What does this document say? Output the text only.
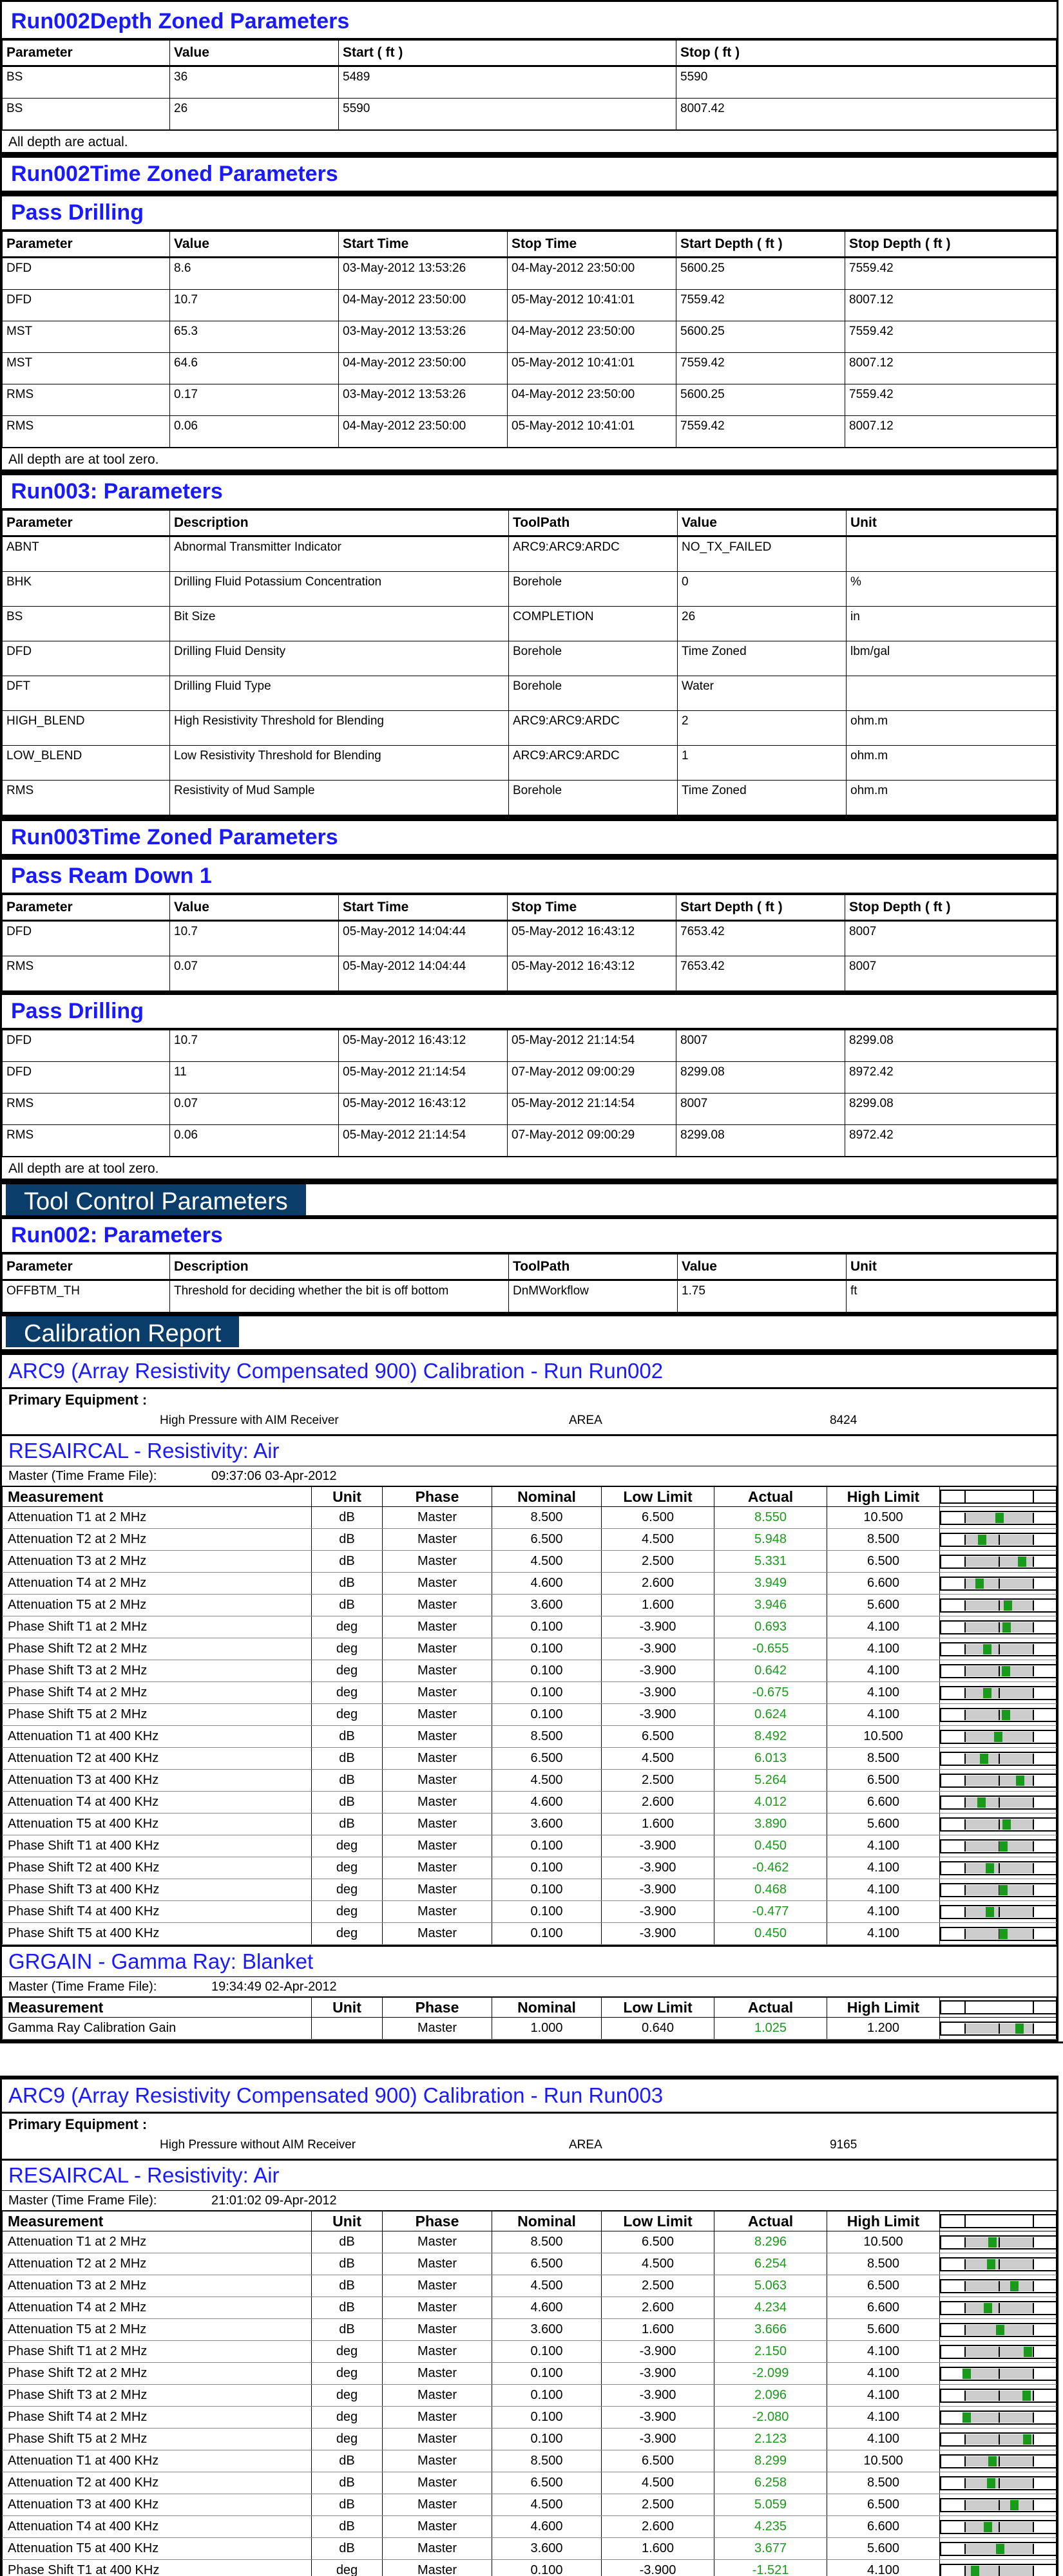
Run002Depth Zoned Parameters
Parameter	Value	Start ( ft )	Stop ( ft )
BS	36	5489	5590
BS	26	5590	8007.42
All depth are actual.
Run002Time Zoned Parameters
Pass Drilling
Parameter	Value	Start Time	Stop Time	Start Depth ( ft )	Stop Depth ( ft )
DFD	8.6	03-May-2012 13:53:26	04-May-2012 23:50:00	5600.25	7559.42
DFD	10.7	04-May-2012 23:50:00	05-May-2012 10:41:01	7559.42	8007.12
MST	65.3	03-May-2012 13:53:26	04-May-2012 23:50:00	5600.25	7559.42
MST	64.6	04-May-2012 23:50:00	05-May-2012 10:41:01	7559.42	8007.12
RMS	0.17	03-May-2012 13:53:26	04-May-2012 23:50:00	5600.25	7559.42
RMS	0.06	04-May-2012 23:50:00	05-May-2012 10:41:01	7559.42	8007.12
All depth are at tool zero.
Run003: Parameters
Parameter	Description	ToolPath	Value	Unit
ABNT	Abnormal Transmitter Indicator	ARC9:ARC9:ARDC	NO_TX_FAILED	
BHK	Drilling Fluid Potassium Concentration	Borehole	0	%
BS	Bit Size	COMPLETION	26	in
DFD	Drilling Fluid Density	Borehole	Time Zoned	lbm/gal
DFT	Drilling Fluid Type	Borehole	Water	
HIGH_BLEND	High Resistivity Threshold for Blending	ARC9:ARC9:ARDC	2	ohm.m
LOW_BLEND	Low Resistivity Threshold for Blending	ARC9:ARC9:ARDC	1	ohm.m
RMS	Resistivity of Mud Sample	Borehole	Time Zoned	ohm.m
Run003Time Zoned Parameters
Pass Ream Down 1
Parameter	Value	Start Time	Stop Time	Start Depth ( ft )	Stop Depth ( ft )
DFD	10.7	05-May-2012 14:04:44	05-May-2012 16:43:12	7653.42	8007
RMS	0.07	05-May-2012 14:04:44	05-May-2012 16:43:12	7653.42	8007
Pass Drilling
DFD	10.7	05-May-2012 16:43:12	05-May-2012 21:14:54	8007	8299.08
DFD	11	05-May-2012 21:14:54	07-May-2012 09:00:29	8299.08	8972.42
RMS	0.07	05-May-2012 16:43:12	05-May-2012 21:14:54	8007	8299.08
RMS	0.06	05-May-2012 21:14:54	07-May-2012 09:00:29	8299.08	8972.42
All depth are at tool zero.
Tool Control Parameters
Run002: Parameters
Parameter	Description	ToolPath	Value	Unit
OFFBTM_TH	Threshold for deciding whether the bit is off bottom	DnMWorkflow	1.75	ft
Calibration Report
ARC9 (Array Resistivity Compensated 900) Calibration - Run Run002
Primary Equipment :
High Pressure with AIM Receiver	AREA	8424
RESAIRCAL - Resistivity: Air
Master (Time Frame File):	09:37:06 03-Apr-2012
Measurement	Unit	Phase	Nominal	Low Limit	Actual	High Limit	

Attenuation T1 at 2 MHz	dB	Master	8.500	6.500	8.550	10.500	

Attenuation T2 at 2 MHz	dB	Master	6.500	4.500	5.948	8.500	

Attenuation T3 at 2 MHz	dB	Master	4.500	2.500	5.331	6.500	

Attenuation T4 at 2 MHz	dB	Master	4.600	2.600	3.949	6.600	

Attenuation T5 at 2 MHz	dB	Master	3.600	1.600	3.946	5.600	

Phase Shift T1 at 2 MHz	deg	Master	0.100	-3.900	0.693	4.100	

Phase Shift T2 at 2 MHz	deg	Master	0.100	-3.900	-0.655	4.100	

Phase Shift T3 at 2 MHz	deg	Master	0.100	-3.900	0.642	4.100	

Phase Shift T4 at 2 MHz	deg	Master	0.100	-3.900	-0.675	4.100	

Phase Shift T5 at 2 MHz	deg	Master	0.100	-3.900	0.624	4.100	

Attenuation T1 at 400 KHz	dB	Master	8.500	6.500	8.492	10.500	

Attenuation T2 at 400 KHz	dB	Master	6.500	4.500	6.013	8.500	

Attenuation T3 at 400 KHz	dB	Master	4.500	2.500	5.264	6.500	

Attenuation T4 at 400 KHz	dB	Master	4.600	2.600	4.012	6.600	

Attenuation T5 at 400 KHz	dB	Master	3.600	1.600	3.890	5.600	

Phase Shift T1 at 400 KHz	deg	Master	0.100	-3.900	0.450	4.100	

Phase Shift T2 at 400 KHz	deg	Master	0.100	-3.900	-0.462	4.100	

Phase Shift T3 at 400 KHz	deg	Master	0.100	-3.900	0.468	4.100	

Phase Shift T4 at 400 KHz	deg	Master	0.100	-3.900	-0.477	4.100	

Phase Shift T5 at 400 KHz	deg	Master	0.100	-3.900	0.450	4.100	
GRGAIN - Gamma Ray: Blanket
Master (Time Frame File):	19:34:49 02-Apr-2012
Measurement	Unit	Phase	Nominal	Low Limit	Actual	High Limit	

Gamma Ray Calibration Gain		Master	1.000	0.640	1.025	1.200	
ARC9 (Array Resistivity Compensated 900) Calibration - Run Run003
Primary Equipment :
High Pressure without AIM Receiver	AREA	9165
RESAIRCAL - Resistivity: Air
Master (Time Frame File):	21:01:02 09-Apr-2012
Measurement	Unit	Phase	Nominal	Low Limit	Actual	High Limit	

Attenuation T1 at 2 MHz	dB	Master	8.500	6.500	8.296	10.500	

Attenuation T2 at 2 MHz	dB	Master	6.500	4.500	6.254	8.500	

Attenuation T3 at 2 MHz	dB	Master	4.500	2.500	5.063	6.500	

Attenuation T4 at 2 MHz	dB	Master	4.600	2.600	4.234	6.600	

Attenuation T5 at 2 MHz	dB	Master	3.600	1.600	3.666	5.600	

Phase Shift T1 at 2 MHz	deg	Master	0.100	-3.900	2.150	4.100	

Phase Shift T2 at 2 MHz	deg	Master	0.100	-3.900	-2.099	4.100	

Phase Shift T3 at 2 MHz	deg	Master	0.100	-3.900	2.096	4.100	

Phase Shift T4 at 2 MHz	deg	Master	0.100	-3.900	-2.080	4.100	

Phase Shift T5 at 2 MHz	deg	Master	0.100	-3.900	2.123	4.100	

Attenuation T1 at 400 KHz	dB	Master	8.500	6.500	8.299	10.500	

Attenuation T2 at 400 KHz	dB	Master	6.500	4.500	6.258	8.500	

Attenuation T3 at 400 KHz	dB	Master	4.500	2.500	5.059	6.500	

Attenuation T4 at 400 KHz	dB	Master	4.600	2.600	4.235	6.600	

Attenuation T5 at 400 KHz	dB	Master	3.600	1.600	3.677	5.600	

Phase Shift T1 at 400 KHz	deg	Master	0.100	-3.900	-1.521	4.100	
